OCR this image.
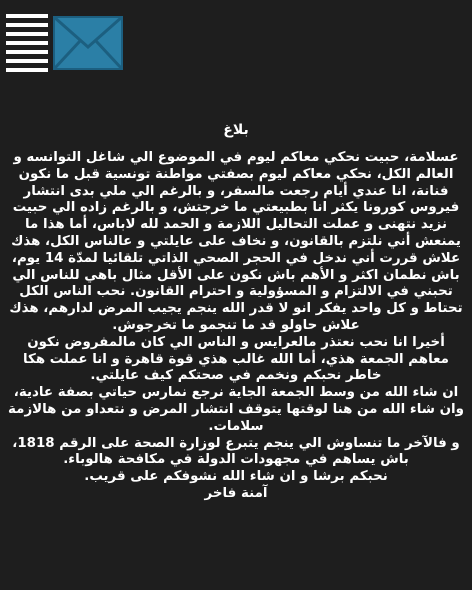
بلاغ

عسلامة، حبيت نحكي معاكم ليوم في الموضوع الي شاغل التوانسه و العالم الكل، نحكي معاكم ليوم بصفتي مواطنة تونسية قبل ما نكون فنانة، انا عندي أيام رجعت مالسفر، و بالرغم الي ملي بدى انتشار فيروس كورونا يكثر انا بطبيعتي ما خرجتش، و بالرغم زاده الي حبيت نزيد نتهنى و عملت التحاليل اللازمة و الحمد لله لاباس، أما هذا ما يمنعش أني نلتزم بالقانون، و نخاف على عايلتي و عالناس الكل، هذك علاش قررت أني ندخل في الحجر الصحي الذاتي تلقائيا لمدّة 14 يوم، باش نطمان اكثر و الأهم باش نكون على الأقل مثال باهي للناس الي تحبني في الالتزام و المسؤولية و احترام القانون. نحب الناس الكل تحتاط و كل واحد يفكر انو لا قدر الله ينجم يجيب المرض لدارهم، هذك علاش حاولو قد ما تنجمو ما تخرجوش.

أخيرا انا نحب نعتذر مالعرايس و الناس الي كان مالمفروض نكون معاهم الجمعة هذي، أما الله غالب هذي قوة قاهرة و انا عملت هكا خاطر نحبكم ونخمم في صحتكم كيف عايلتي.

ان شاء الله من وسط الجمعة الجاية نرجع نمارس حياتي بصفة عادية، وان شاء الله من هنا لوقتها يتوقف انتشار المرض و نتعداو من هالازمة سلامات.

و فالآخر ما تنساوش الي ينجم يتبرع لوزارة الصحة على الرقم 1818، باش يساهم في مجهودات الدولة في مكافحة هالوباء.

نحبكم برشا و ان شاء الله نشوفكم على قريب.

آمنة فاخر
